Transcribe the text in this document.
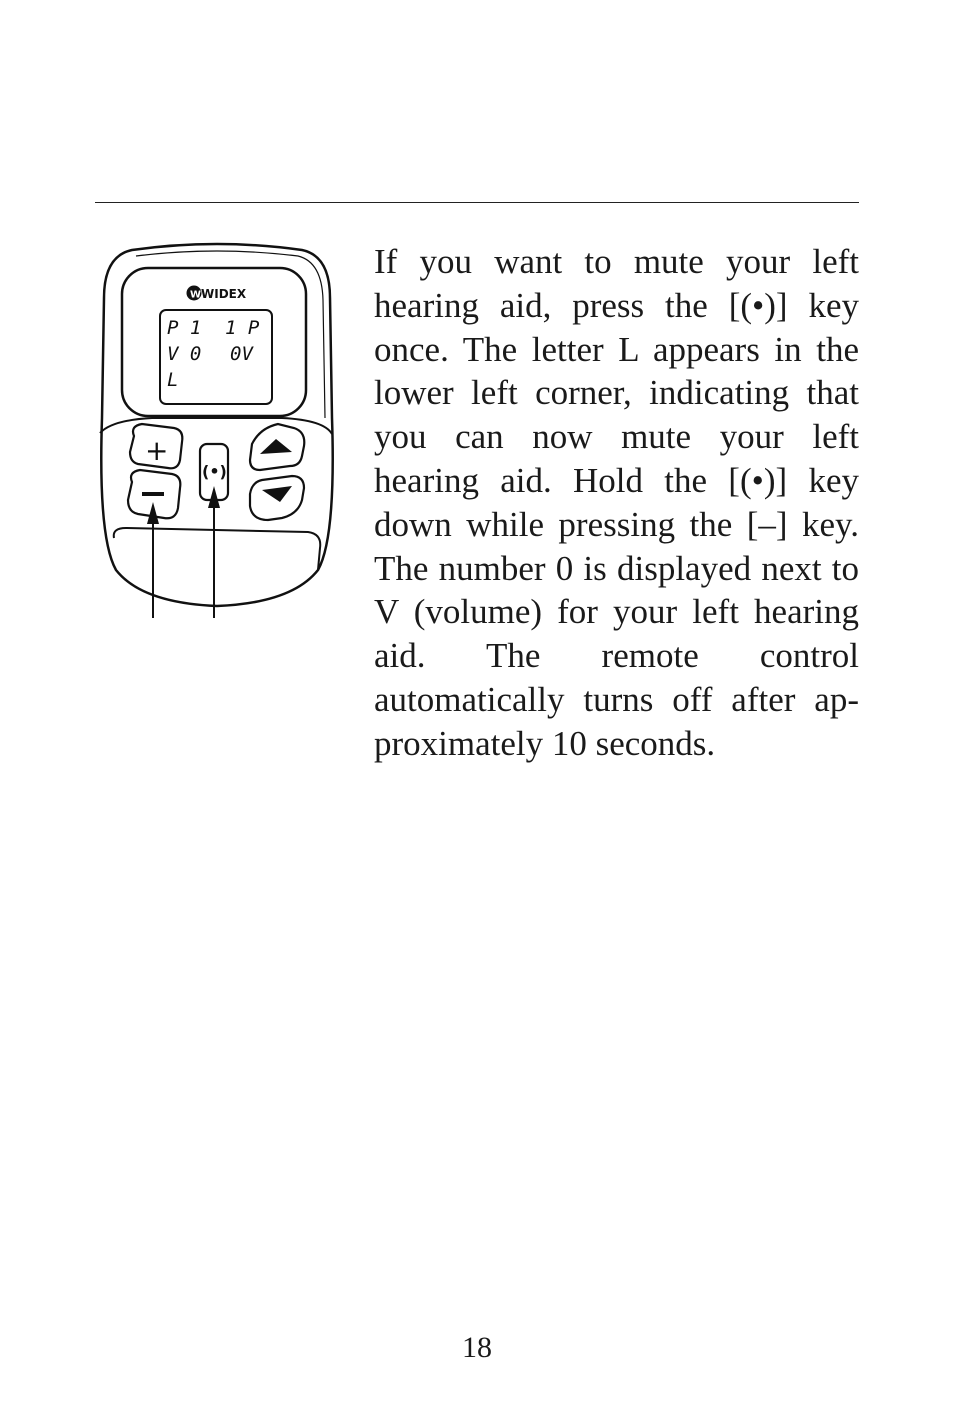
W WIDEX
P 1 1 P
V 0 0V
L
+
(•)

If you want to mute your left hearing aid, press the [(•)] key once. The letter L appears in the lower left corner, indicating that you can now mute your left hearing aid. Hold the [(•)] key down while pressing the [–] key. The number 0 is displayed next to V (volume) for your left hearing aid. The remote control automatically turns off after approximately 10 seconds.

18
